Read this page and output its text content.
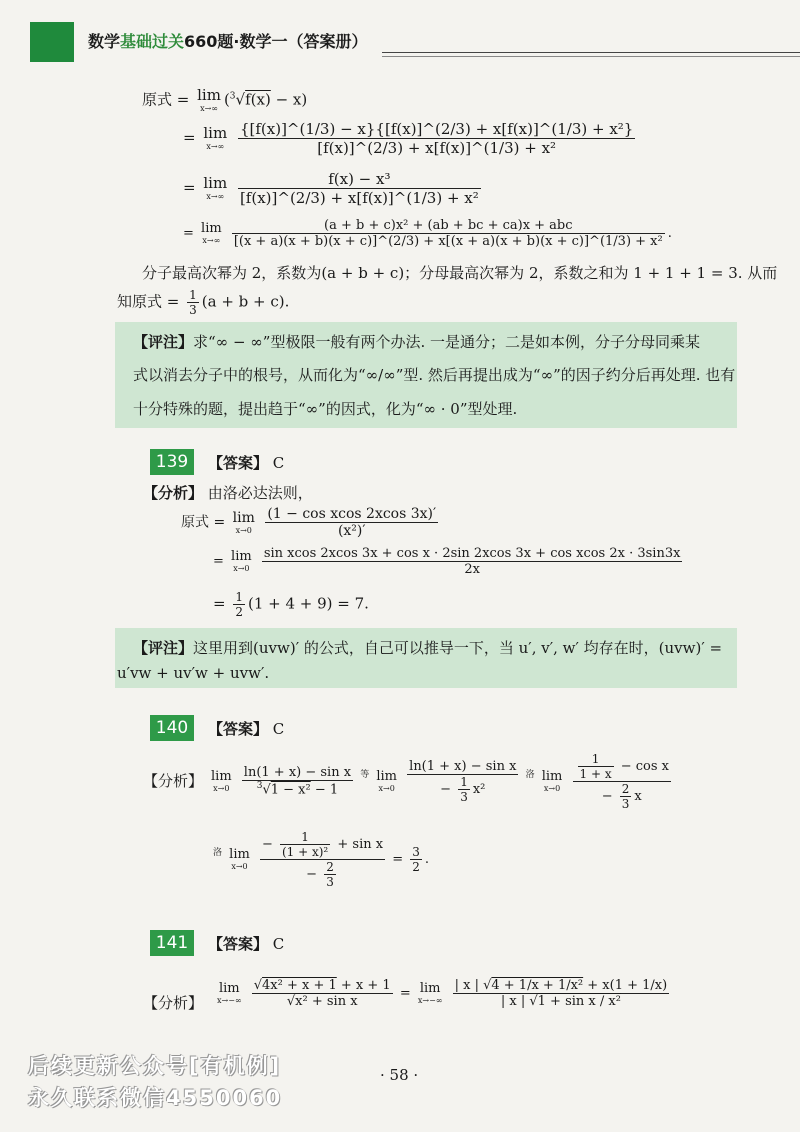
数学基础过关660题·数学一（答案册）
原式 = lim
x→∞ ($^3$√f(x) − x)
= lim
x→∞
$\frac{\text{\{[f(x)]\textasciicircum{}(1/3) − x\}\{[f(x)]\textasciicircum{}(2/3) + x[f(x)]\textasciicircum{}(1/3) + x²\}}}{\text{[f(x)]\textasciicircum{}(2/3) + x[f(x)]\textasciicircum{}(1/3) + x²}}$
= lim
x→∞
$\frac{\text{f(x) − x³}}{\text{[f(x)]\textasciicircum{}(2/3) + x[f(x)]\textasciicircum{}(1/3) + x²}}$
= lim
x→∞

(a + b + c)x² + (ab + bc + ca)x + abc
[(x + a)(x + b)(x + c)]^(2/3) + x[(x + a)(x + b)(x + c)]^(1/3) + x²
.
分子最高次幂为 2，系数为(a + b + c)；分母最高次幂为 2，系数之和为 1 + 1 + 1 = 3. 从而
知原式 = $\frac{1}{3} (a + b + c)$.

【评注】求“∞ − ∞”型极限一般有两个办法. 一是通分；二是如本例，分子分母同乘某

式以消去分子中的根号，从而化为“∞/∞”型. 然后再提出成为“∞”的因子约分后再处理. 也有

十分特殊的题，提出趋于“∞”的因式，化为“∞ · 0”型处理.

139	【答案】 C
【分析】 由洛必达法则，
原式 = lim
x→0
$\frac{\text{(1 − cos xcos 2xcos 3x)′}}{\text{(x²)′}}$
= lim
x→0

sin xcos 2xcos 3x + cos x · 2sin 2xcos 3x + cos xcos 2x · 3sin3x
2x
= $\frac{1}{2} (1 + 4 + 9) = 7$.

【评注】这里用到(uvw)′ 的公式，自己可以推导一下，当 u′, v′, w′ 均存在时，(uvw)′ =

u′vw + uv′w + uvw′.

140	【答案】 C
【分析】 lim
x→0
$\frac{\text{ln(1 + x) − sin x}}{^3√1 - x^2 - 1} ^等$ lim
x→0
$\frac{\text{ln(1 + x) − sin x}}{- \frac{1}{3} x^2} ^洛$ lim
x→0
$\frac{\frac{1}{1 + x} - \cos x}{- \frac{2}{3} x}$
$^洛$ lim
x→0
$\frac{- \frac{1}{\text{(1 + x)²}} + \sin x}{- \frac{2}{3}} = \frac{3}{2}$ .
141	【答案】 C
【分析】
lim
x→−∞
$\frac{\text{√4x² + x + 1 + x + 1}}{\text{√x² + sin x}} = \lim$
x→−∞
$\frac{\text{| x | √4 + 1/x + 1/x² + x(1 + 1/x)}}{\text{| x | √1 + sin x / x²}}$
· 58 ·
后续更新公众号[有机例]
永久联系微信4550060
